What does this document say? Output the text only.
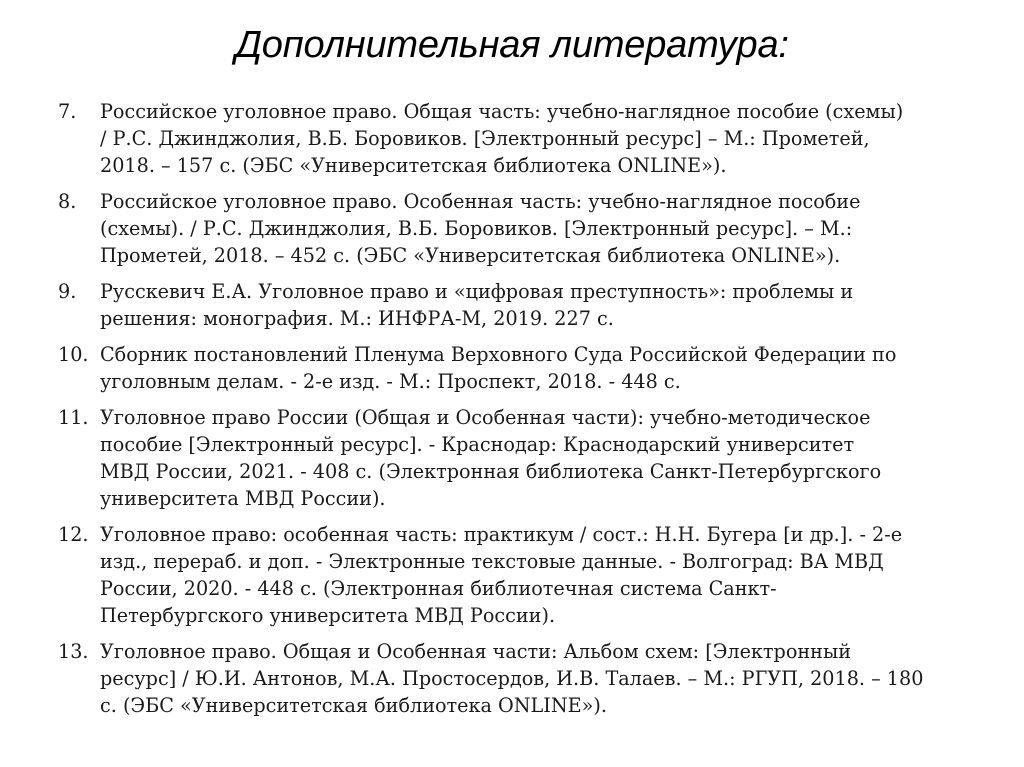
Дополнительная литература:
7.	Российское уголовное право. Общая часть: учебно-наглядное пособие (схемы)
/ Р.С. Джинджолия, В.Б. Боровиков. [Электронный ресурс] – М.: Прометей,
2018. – 157 с. (ЭБС «Университетская библиотека ONLINE»).
8.	Российское уголовное право. Особенная часть: учебно-наглядное пособие
(схемы). / Р.С. Джинджолия, В.Б. Боровиков. [Электронный ресурс]. – М.:
Прометей, 2018. – 452 с. (ЭБС «Университетская библиотека ONLINE»).
9.	Русскевич Е.А. Уголовное право и «цифровая преступность»: проблемы и
решения: монография. М.: ИНФРА-М, 2019. 227 с.
10. Сборник постановлений Пленума Верховного Суда Российской Федерации по
уголовным делам. - 2-е изд. - М.: Проспект, 2018. - 448 с.
11. Уголовное право России (Общая и Особенная части): учебно-методическое
пособие [Электронный ресурс]. - Краснодар: Краснодарский университет
МВД России, 2021. - 408 с. (Электронная библиотека Санкт-Петербургского
университета МВД России).
12. Уголовное право: особенная часть: практикум / сост.: Н.Н. Бугера [и др.]. - 2-е
изд., перераб. и доп. - Электронные текстовые данные. - Волгоград: ВА МВД
России, 2020. - 448 с. (Электронная библиотечная система Санкт-
Петербургского университета МВД России).
13. Уголовное право. Общая и Особенная части: Альбом схем: [Электронный
ресурс] / Ю.И. Антонов, М.А. Простосердов, И.В. Талаев. – М.: РГУП, 2018. – 180
с. (ЭБС «Университетская библиотека ONLINE»).
